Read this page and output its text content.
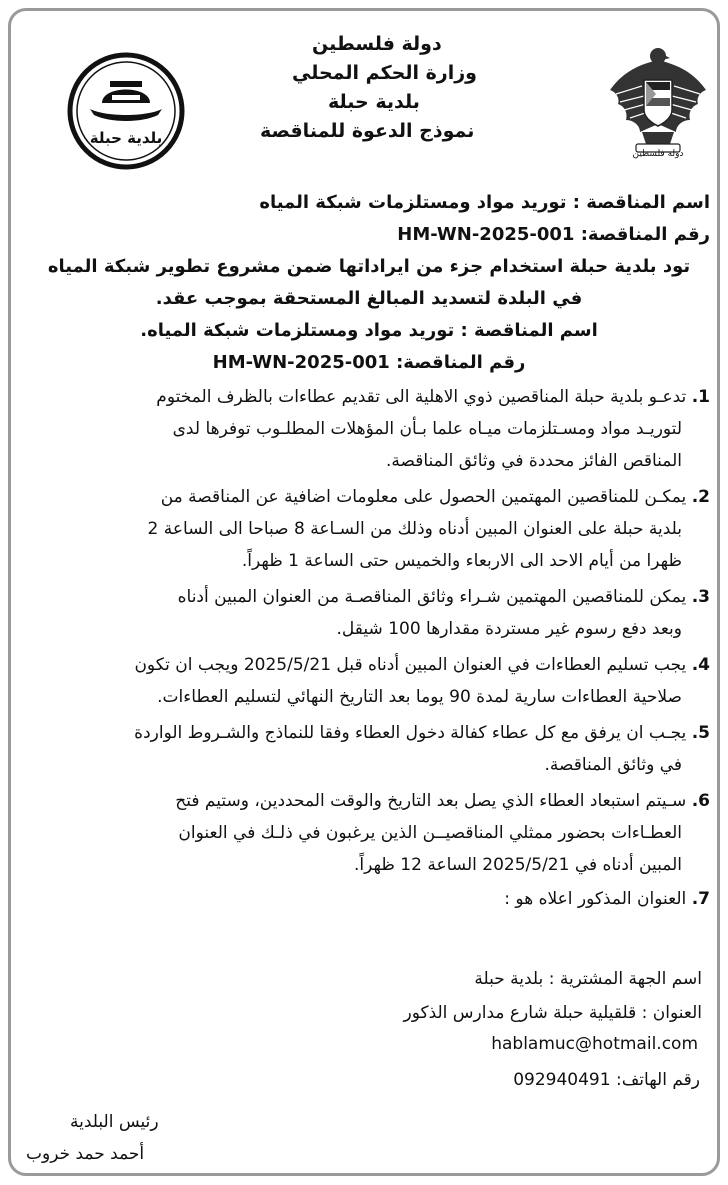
دولة فلسطين
بلدية حبلة
دولة فلسطين
وزارة الحكم المحلي
بلدية حبلة
نموذج الدعوة للمناقصة
اسم المناقصة : توريد مواد ومستلزمات شبكة المياه
رقم المناقصة: HM-WN-2025-001
تود بلدية حبلة استخدام جزء من ايراداتها ضمن مشروع تطوير شبكة المياه
في البلدة لتسديد المبالغ المستحقة بموجب عقد.
اسم المناقصة : توريد مواد ومستلزمات شبكة المياه.
رقم المناقصة: HM-WN-2025-001
1. تدعـو بلدية حبلة المناقصين ذوي الاهلية الى تقديم عطاءات بالظرف المختوم
لتوريـد مواد ومسـتلزمات ميـاه علما بـأن المؤهلات المطلـوب توفرها لدى
المناقص الفائز محددة في وثائق المناقصة.
2. يمكـن للمناقصين المهتمين الحصول على معلومات اضافية عن المناقصة من
بلدية حبلة على العنوان المبين أدناه وذلك من السـاعة 8 صباحا الى الساعة 2
ظهرا من أيام الاحد الى الاربعاء والخميس حتى الساعة 1 ظهراً.
3. يمكن للمناقصين المهتمين شـراء وثائق المناقصـة من العنوان المبين أدناه
وبعد دفع رسوم غير مستردة مقدارها 100 شيقل.
4. يجب تسليم العطاءات في العنوان المبين أدناه قبل 2025/5/21 ويجب ان تكون
صلاحية العطاءات سارية لمدة 90 يوما بعد التاريخ النهائي لتسليم العطاءات.
5. يجـب ان يرفق مع كل عطاء كفالة دخول العطاء وفقا للنماذج والشـروط الواردة
في وثائق المناقصة.
6. سـيتم استبعاد العطاء الذي يصل بعد التاريخ والوقت المحددين، وستيم فتح
العطـاءات بحضور ممثلي المناقصيــن الذين يرغبون في ذلـك في العنوان
المبين أدناه في 2025/5/21 الساعة 12 ظهراً.
7. العنوان المذكور اعلاه هو :
اسم الجهة المشترية : بلدية حبلة
العنوان : قلقيلية حبلة شارع مدارس الذكور
hablamuc@hotmail.com
رقم الهاتف: 092940491
رئيس البلدية
أحمد حمد خروب
